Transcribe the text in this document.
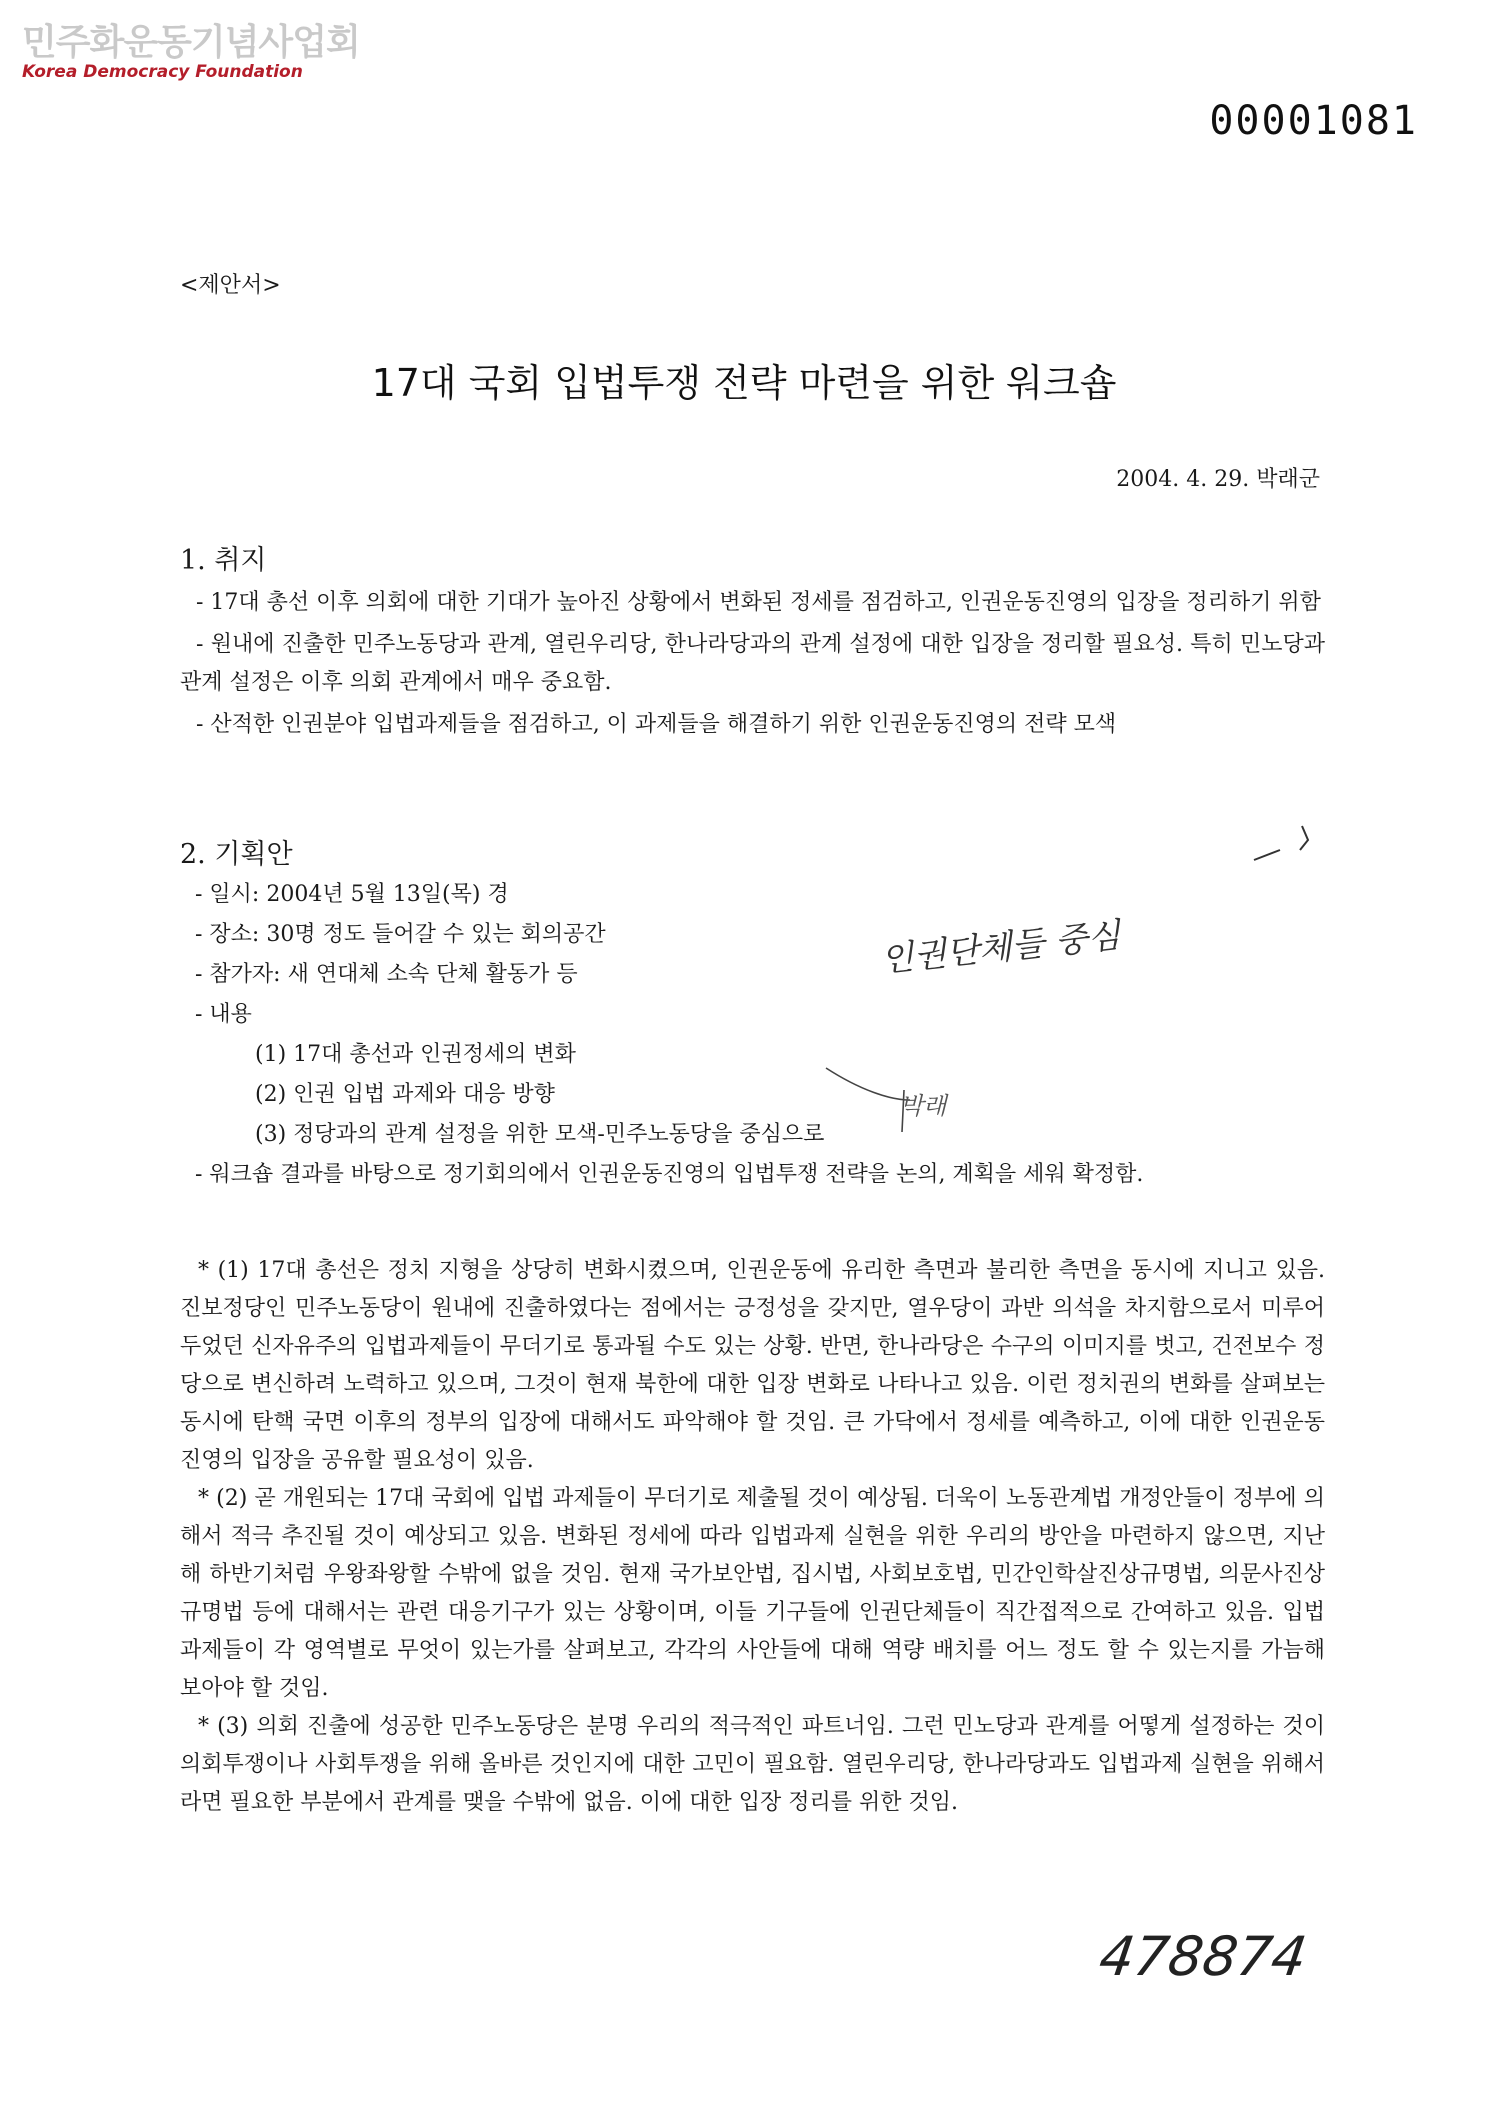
민주화운동기념사업회
Korea Democracy Foundation
00001081
<제안서>
17대 국회 입법투쟁 전략 마련을 위한 워크숍
2004. 4. 29. 박래군
1. 취지

- 17대 총선 이후 의회에 대한 기대가 높아진 상황에서 변화된 정세를 점검하고, 인권운동진영의 입장을 정리하기 위함

- 원내에 진출한 민주노동당과 관계, 열린우리당, 한나라당과의 관계 설정에 대한 입장을 정리할 필요성. 특히 민노당과 관계 설정은 이후 의회 관계에서 매우 중요함.

- 산적한 인권분야 입법과제들을 점검하고, 이 과제들을 해결하기 위한 인권운동진영의 전략 모색

2. 기획안
- 일시: 2004년 5월 13일(목) 경
- 장소: 30명 정도 들어갈 수 있는 회의공간
- 참가자: 새 연대체 소속 단체 활동가 등
- 내용
(1) 17대 총선과 인권정세의 변화
(2) 인권 입법 과제와 대응 방향
(3) 정당과의 관계 설정을 위한 모색-민주노동당을 중심으로
- 워크숍 결과를 바탕으로 정기회의에서 인권운동진영의 입법투쟁 전략을 논의, 계획을 세워 확정함.
인권단체들 중심
박래

* (1) 17대 총선은 정치 지형을 상당히 변화시켰으며, 인권운동에 유리한 측면과 불리한 측면을 동시에 지니고 있음. 진보정당인 민주노동당이 원내에 진출하였다는 점에서는 긍정성을 갖지만, 열우당이 과반 의석을 차지함으로서 미루어 두었던 신자유주의 입법과제들이 무더기로 통과될 수도 있는 상황. 반면, 한나라당은 수구의 이미지를 벗고, 건전보수 정당으로 변신하려 노력하고 있으며, 그것이 현재 북한에 대한 입장 변화로 나타나고 있음. 이런 정치권의 변화를 살펴보는 동시에 탄핵 국면 이후의 정부의 입장에 대해서도 파악해야 할 것임. 큰 가닥에서 정세를 예측하고, 이에 대한 인권운동진영의 입장을 공유할 필요성이 있음.

* (2) 곧 개원되는 17대 국회에 입법 과제들이 무더기로 제출될 것이 예상됨. 더욱이 노동관계법 개정안들이 정부에 의해서 적극 추진될 것이 예상되고 있음. 변화된 정세에 따라 입법과제 실현을 위한 우리의 방안을 마련하지 않으면, 지난해 하반기처럼 우왕좌왕할 수밖에 없을 것임. 현재 국가보안법, 집시법, 사회보호법, 민간인학살진상규명법, 의문사진상규명법 등에 대해서는 관련 대응기구가 있는 상황이며, 이들 기구들에 인권단체들이 직간접적으로 간여하고 있음. 입법과제들이 각 영역별로 무엇이 있는가를 살펴보고, 각각의 사안들에 대해 역량 배치를 어느 정도 할 수 있는지를 가늠해 보아야 할 것임.

* (3) 의회 진출에 성공한 민주노동당은 분명 우리의 적극적인 파트너임. 그런 민노당과 관계를 어떻게 설정하는 것이 의회투쟁이나 사회투쟁을 위해 올바른 것인지에 대한 고민이 필요함. 열린우리당, 한나라당과도 입법과제 실현을 위해서라면 필요한 부분에서 관계를 맺을 수밖에 없음. 이에 대한 입장 정리를 위한 것임.

478874
